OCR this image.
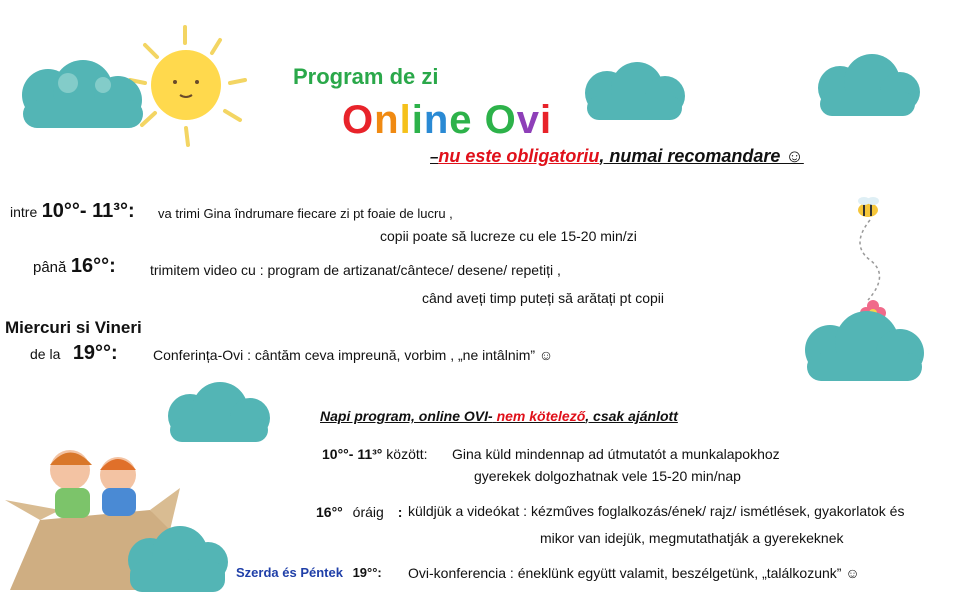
Program de zi
Online Ovi
–nu este obligatoriu, numai recomandare ☺
intre 10°°- 11³°: va trimi Gina îndrumare fiecare zi pt foaie de lucru ,
copii poate să lucreze cu ele 15-20 min/zi
până 16°°: trimitem video cu : program de artizanat/cântece/ desene/ repetiți ,
când aveți timp puteți să arătați pt copii
Miercuri si Vineri
de la 19°°:	Conferința-Ovi : cântăm ceva impreună, vorbim , „ne intâlnim” ☺
Napi program, online OVI- nem kötelező, csak ajánlott
10°°- 11³° között: Gina küld mindennap ad útmutatót a munkalapokhoz
gyerekek dolgozhatnak vele 15-20 min/nap
16°° óráig : küldjük a videókat : kézműves foglalkozás/ének/ rajz/ ismétlések, gyakorlatok és
mikor van idejük, megmutathatják a gyerekeknek
Szerda és Péntek 19°°: Ovi-konferencia : éneklünk együtt valamit, beszélgetünk, „találkozunk” ☺
